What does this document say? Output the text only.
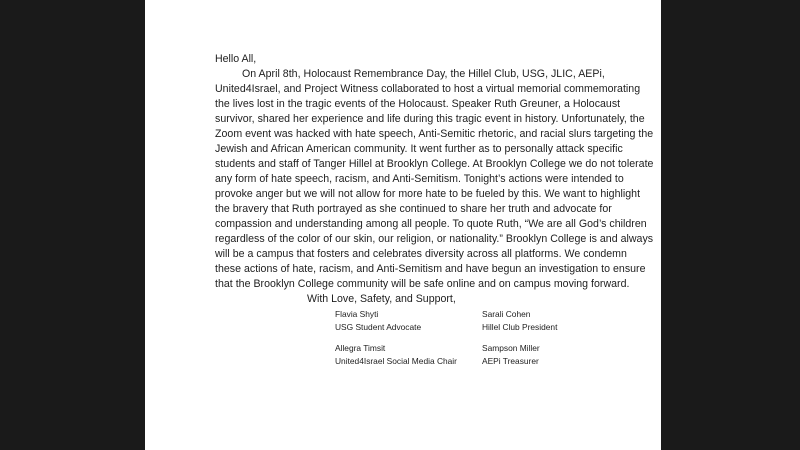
Hello All,

On April 8th, Holocaust Remembrance Day, the Hillel Club, USG, JLIC, AEPi, United4Israel, and Project Witness collaborated to host a virtual memorial commemorating the lives lost in the tragic events of the Holocaust. Speaker Ruth Greuner, a Holocaust survivor, shared her experience and life during this tragic event in history. Unfortunately, the Zoom event was hacked with hate speech, Anti-Semitic rhetoric, and racial slurs targeting the Jewish and African American community. It went further as to personally attack specific students and staff of Tanger Hillel at Brooklyn College. At Brooklyn College we do not tolerate any form of hate speech, racism, and Anti-Semitism. Tonight’s actions were intended to provoke anger but we will not allow for more hate to be fueled by this. We want to highlight the bravery that Ruth portrayed as she continued to share her truth and advocate for compassion and understanding among all people. To quote Ruth, “We are all God’s children regardless of the color of our skin, our religion, or nationality.” Brooklyn College is and always will be a campus that fosters and celebrates diversity across all platforms. We condemn these actions of hate, racism, and Anti-Semitism and have begun an investigation to ensure that the Brooklyn College community will be safe online and on campus moving forward.

With Love, Safety, and Support,

Flavia Shyti
USG Student Advocate
Sarali Cohen
Hillel Club President
Allegra Timsit
United4Israel Social Media Chair
Sampson Miller
AEPi Treasurer
